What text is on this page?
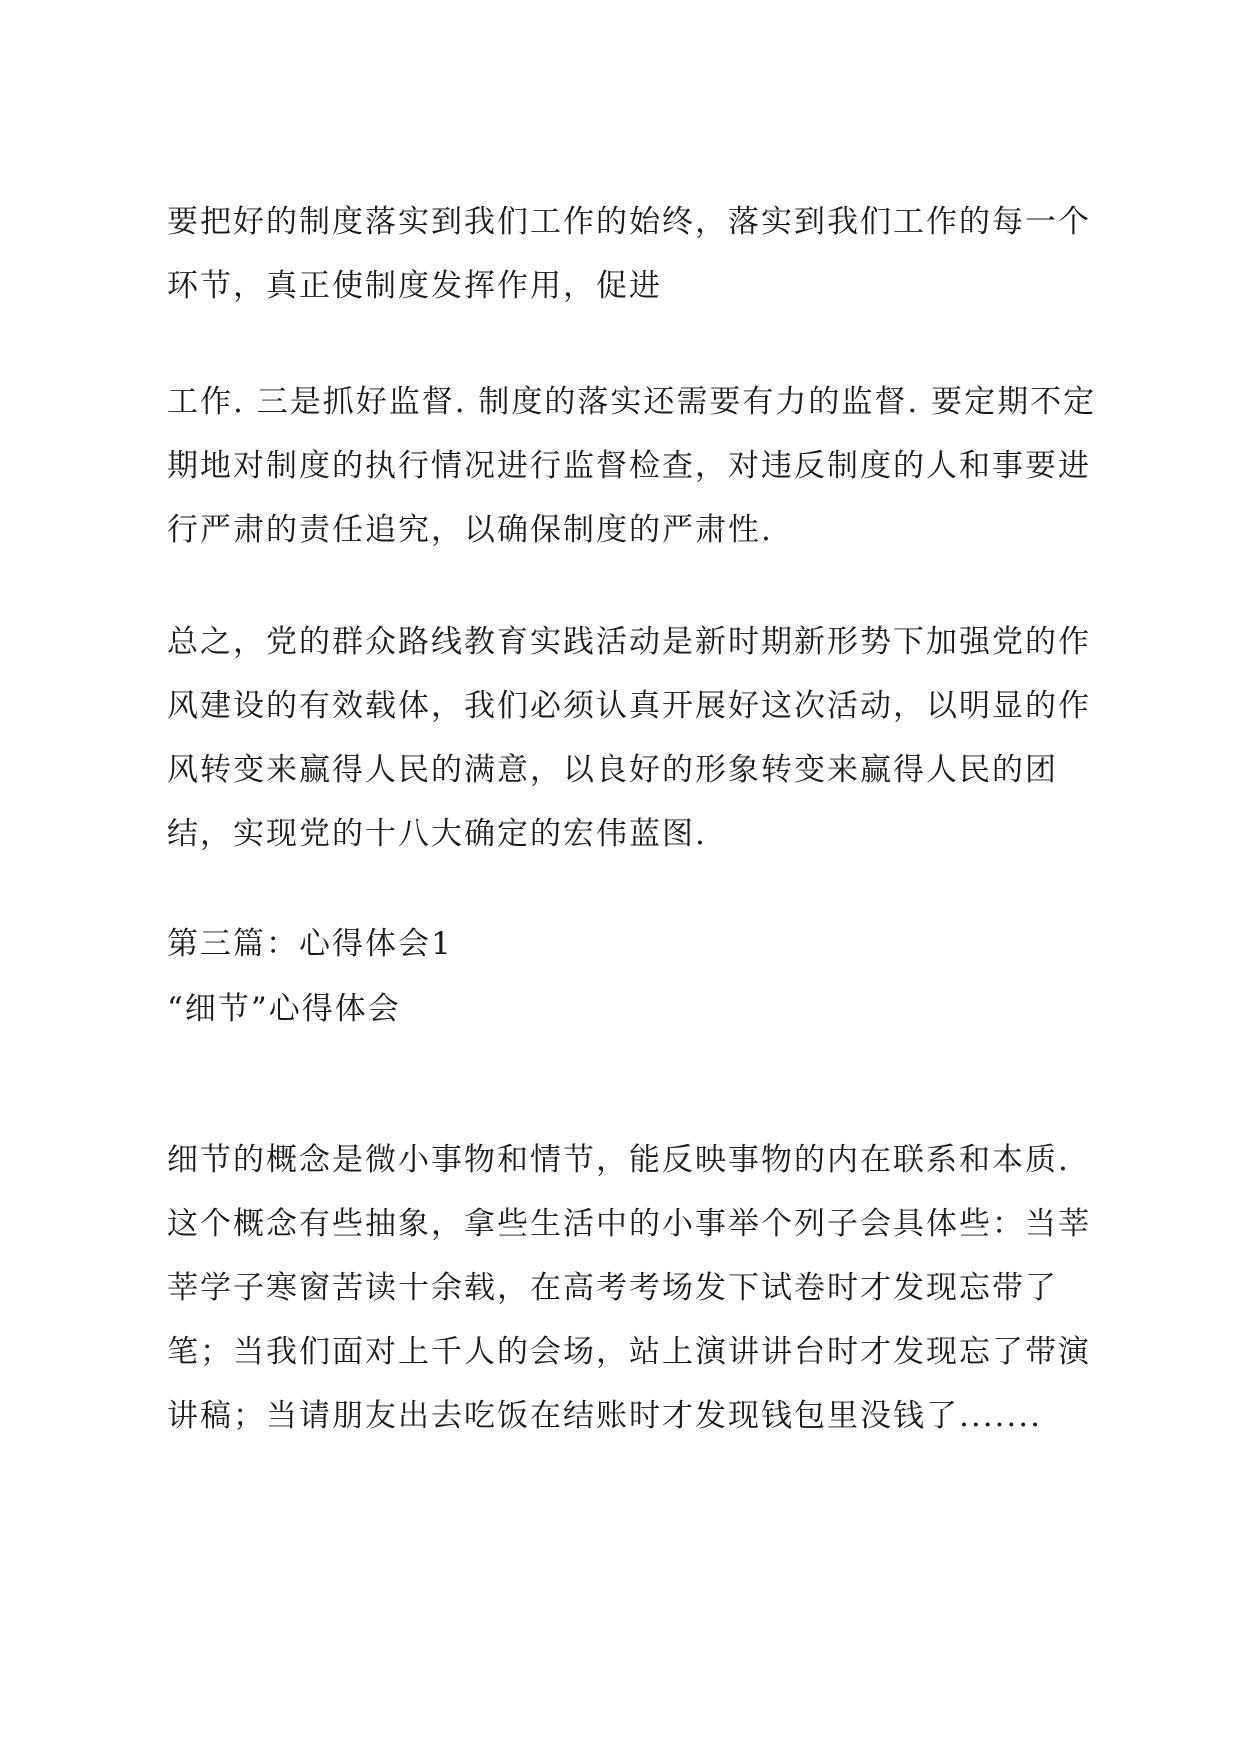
要把好的制度落实到我们工作的始终，落实到我们工作的每一个环节，真正使制度发挥作用，促进

工作. 三是抓好监督. 制度的落实还需要有力的监督. 要定期不定期地对制度的执行情况进行监督检查，对违反制度的人和事要进行严肃的责任追究，以确保制度的严肃性.

总之，党的群众路线教育实践活动是新时期新形势下加强党的作风建设的有效载体，我们必须认真开展好这次活动，以明显的作风转变来赢得人民的满意，以良好的形象转变来赢得人民的团结，实现党的十八大确定的宏伟蓝图.

第三篇：心得体会1
“细节”心得体会

细节的概念是微小事物和情节，能反映事物的内在联系和本质. 这个概念有些抽象，拿些生活中的小事举个列子会具体些：当莘莘学子寒窗苦读十余载，在高考考场发下试卷时才发现忘带了笔；当我们面对上千人的会场，站上演讲讲台时才发现忘了带演讲稿；当请朋友出去吃饭在结账时才发现钱包里没钱了.......
